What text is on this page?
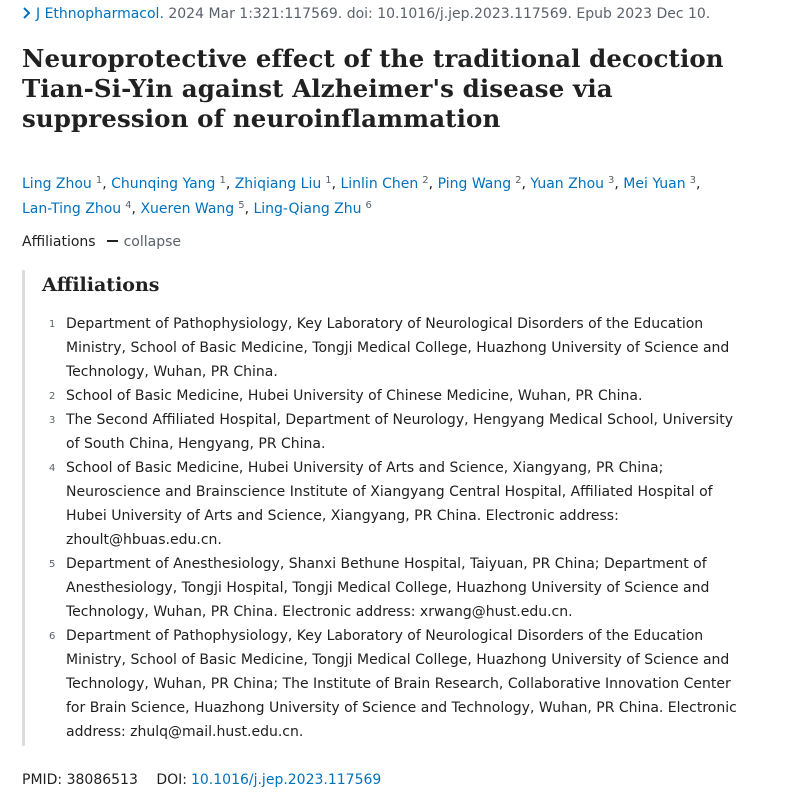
J Ethnopharmacol. 2024 Mar 1:321:117569. doi: 10.1016/j.jep.2023.117569. Epub 2023 Dec 10.
Neuroprotective effect of the traditional decoction Tian-Si-Yin against Alzheimer's disease via suppression of neuroinflammation
Ling Zhou $^1$, Chunqing Yang $^1$, Zhiqiang Liu $^1$, Linlin Chen $^2$, Ping Wang $^2$, Yuan Zhou $^3$, Mei Yuan $^3$, Lan-Ting Zhou $^4$, Xueren Wang $^5$, Ling-Qiang Zhu $^6$
Affiliations collapse
Affiliations
1 Department of Pathophysiology, Key Laboratory of Neurological Disorders of the Education Ministry, School of Basic Medicine, Tongji Medical College, Huazhong University of Science and Technology, Wuhan, PR China.
2 School of Basic Medicine, Hubei University of Chinese Medicine, Wuhan, PR China.
3 The Second Affiliated Hospital, Department of Neurology, Hengyang Medical School, University of South China, Hengyang, PR China.
4 School of Basic Medicine, Hubei University of Arts and Science, Xiangyang, PR China; Neuroscience and Brainscience Institute of Xiangyang Central Hospital, Affiliated Hospital of Hubei University of Arts and Science, Xiangyang, PR China. Electronic address: zhoult@hbuas.edu.cn.
5 Department of Anesthesiology, Shanxi Bethune Hospital, Taiyuan, PR China; Department of Anesthesiology, Tongji Hospital, Tongji Medical College, Huazhong University of Science and Technology, Wuhan, PR China. Electronic address: xrwang@hust.edu.cn.
6 Department of Pathophysiology, Key Laboratory of Neurological Disorders of the Education Ministry, School of Basic Medicine, Tongji Medical College, Huazhong University of Science and Technology, Wuhan, PR China; The Institute of Brain Research, Collaborative Innovation Center for Brain Science, Huazhong University of Science and Technology, Wuhan, PR China. Electronic address: zhulq@mail.hust.edu.cn.
PMID: 38086513 DOI: 10.1016/j.jep.2023.117569
